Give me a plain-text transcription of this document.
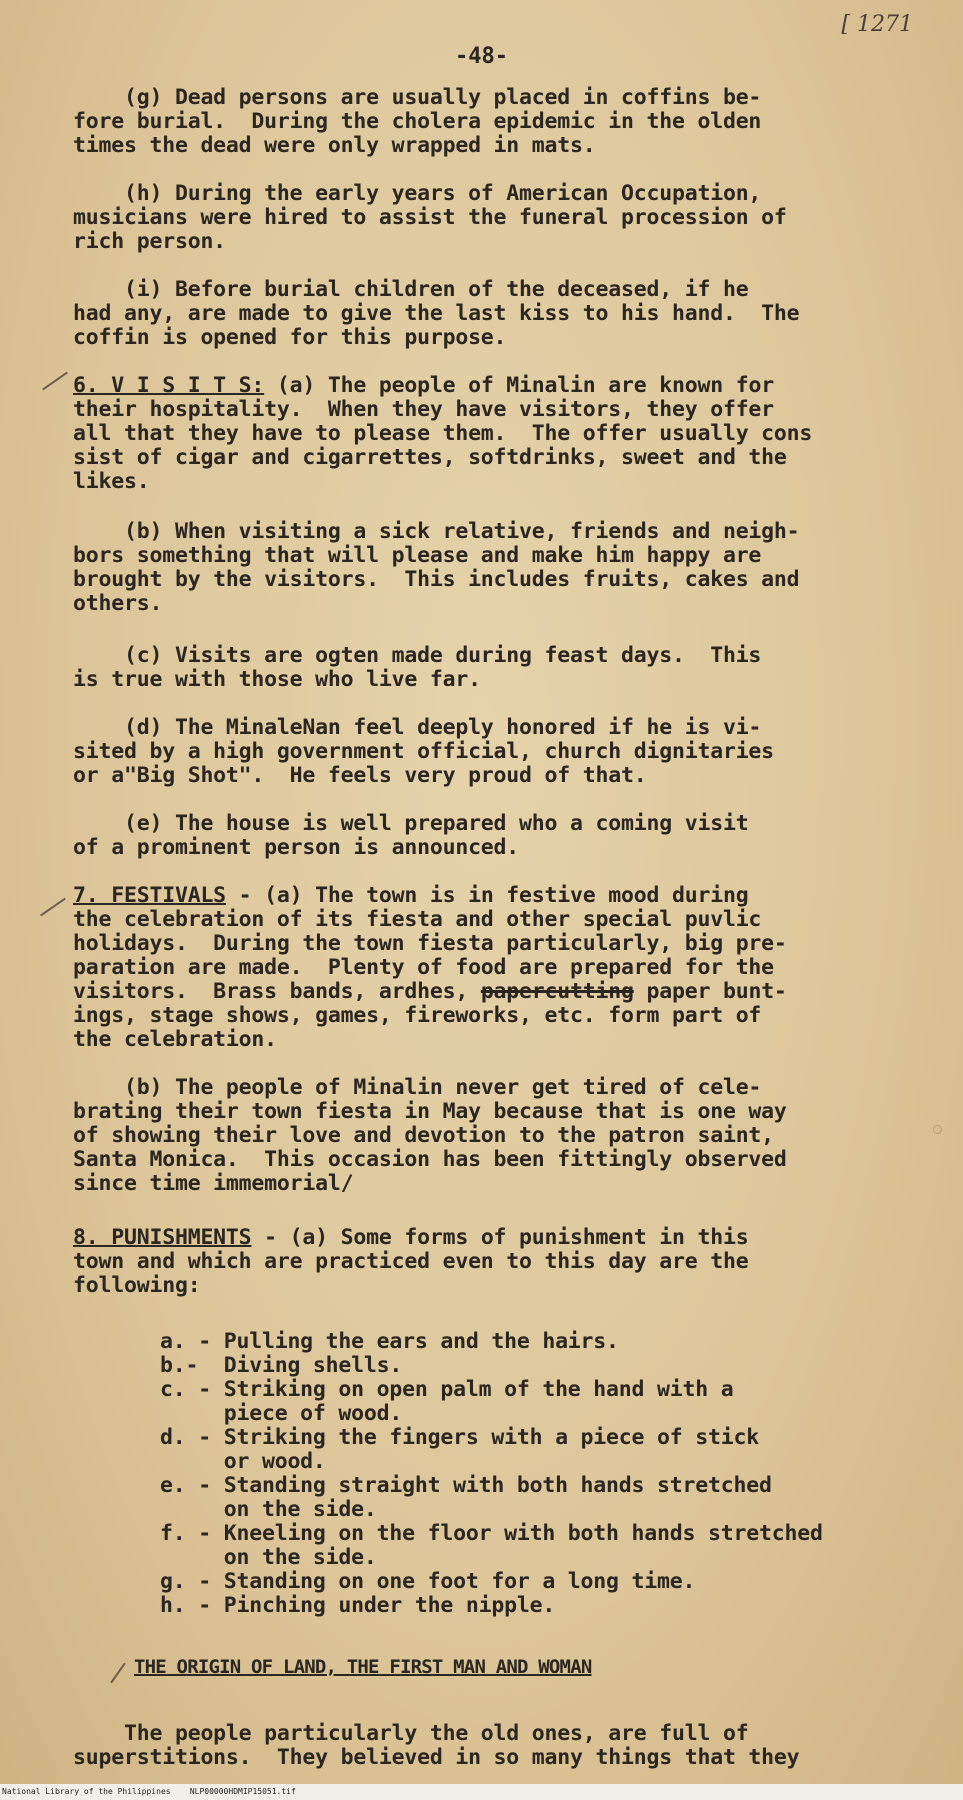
[ 1271
-48-
(g) Dead persons are usually placed in coffins be-
fore burial.  During the cholera epidemic in the olden
times the dead were only wrapped in mats.
(h) During the early years of American Occupation,
musicians were hired to assist the funeral procession of
rich person.
(i) Before burial children of the deceased, if he
had any, are made to give the last kiss to his hand.  The
coffin is opened for this purpose.
6. V I S I T S: (a) The people of Minalin are known for
their hospitality.  When they have visitors, they offer
all that they have to please them.  The offer usually cons
sist of cigar and cigarrettes, softdrinks, sweet and the
likes.
(b) When visiting a sick relative, friends and neigh-
bors something that will please and make him happy are
brought by the visitors.  This includes fruits, cakes and
others.
(c) Visits are ogten made during feast days.  This
is true with those who live far.
(d) The MinaleNan feel deeply honored if he is vi-
sited by a high government official, church dignitaries
or a"Big Shot".  He feels very proud of that.
(e) The house is well prepared who a coming visit
of a prominent person is announced.
7. FESTIVALS - (a) The town is in festive mood during
the celebration of its fiesta and other special puvlic
holidays.  During the town fiesta particularly, big pre-
paration are made.  Plenty of food are prepared for the
visitors.  Brass bands, ardhes, papercutting paper bunt-
ings, stage shows, games, fireworks, etc. form part of
the celebration.
(b) The people of Minalin never get tired of cele-
brating their town fiesta in May because that is one way
of showing their love and devotion to the patron saint,
Santa Monica.  This occasion has been fittingly observed
since time immemorial/
8. PUNISHMENTS - (a) Some forms of punishment in this
town and which are practiced even to this day are the
following:
a. - Pulling the ears and the hairs.
b.-  Diving shells.
c. - Striking on open palm of the hand with a
piece of wood.
d. - Striking the fingers with a piece of stick
or wood.
e. - Standing straight with both hands stretched
on the side.
f. - Kneeling on the floor with both hands stretched
on the side.
g. - Standing on one foot for a long time.
h. - Pinching under the nipple.
THE ORIGIN OF LAND, THE FIRST MAN AND WOMAN
The people particularly the old ones, are full of
superstitions.  They believed in so many things that they
National Library of the Philippines    NLP00000HDMIP15051.tif
